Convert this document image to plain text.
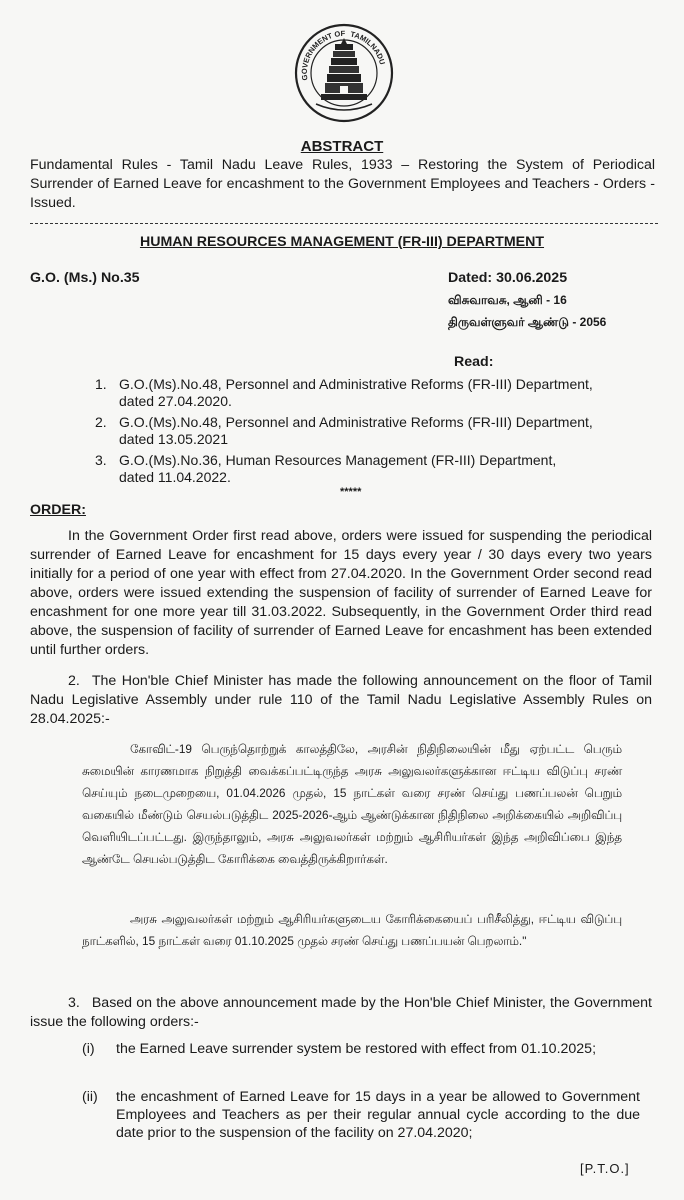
GOVERNMENT OF TAMILNADU
ABSTRACT
Fundamental Rules - Tamil Nadu Leave Rules, 1933 – Restoring the System of Periodical Surrender of Earned Leave for encashment to the Government Employees and Teachers - Orders - Issued.
HUMAN RESOURCES MANAGEMENT (FR-III) DEPARTMENT
G.O. (Ms.) No.35	Dated: 30.06.2025
விசுவாவசு, ஆனி - 16
திருவள்ளுவர் ஆண்டு - 2056
Read:
1. G.O.(Ms).No.48, Personnel and Administrative Reforms (FR-III) Department, dated 27.04.2020.
2. G.O.(Ms).No.48, Personnel and Administrative Reforms (FR-III) Department, dated 13.05.2021
3. G.O.(Ms).No.36, Human Resources Management (FR-III) Department, dated 11.04.2022.
*****
ORDER:
In the Government Order first read above, orders were issued for suspending the periodical surrender of Earned Leave for encashment for 15 days every year / 30 days every two years initially for a period of one year with effect from 27.04.2020. In the Government Order second read above, orders were issued extending the suspension of facility of surrender of Earned Leave for encashment for one more year till 31.03.2022. Subsequently, in the Government Order third read above, the suspension of facility of surrender of Earned Leave for encashment has been extended until further orders.
2. The Hon'ble Chief Minister has made the following announcement on the floor of Tamil Nadu Legislative Assembly under rule 110 of the Tamil Nadu Legislative Assembly Rules on 28.04.2025:-
கோவிட்-19 பெருந்தொற்றுக் காலத்திலே, அரசின் நிதிநிலையின் மீது ஏற்பட்ட பெரும் சுமையின் காரணமாக நிறுத்தி வைக்கப்பட்டிருந்த அரசு அலுவலர்களுக்கான ஈட்டிய விடுப்பு சரண் செய்யும் நடைமுறையை, 01.04.2026 முதல், 15 நாட்கள் வரை சரண் செய்து பணப்பலன் பெறும் வகையில் மீண்டும் செயல்படுத்திட 2025-2026-ஆம் ஆண்டுக்கான நிதிநிலை அறிக்கையில் அறிவிப்பு வெளியிடப்பட்டது. இருந்தாலும், அரசு அலுவலர்கள் மற்றும் ஆசிரியர்கள் இந்த அறிவிப்பை இந்த ஆண்டே செயல்படுத்திட கோரிக்கை வைத்திருக்கிறார்கள்.
அரசு அலுவலர்கள் மற்றும் ஆசிரியர்களுடைய கோரிக்கையைப் பரிசீலித்து, ஈட்டிய விடுப்பு நாட்களில், 15 நாட்கள் வரை 01.10.2025 முதல் சரண் செய்து பணப்பயன் பெறலாம்."
3. Based on the above announcement made by the Hon'ble Chief Minister, the Government issue the following orders:-
(i) the Earned Leave surrender system be restored with effect from 01.10.2025;
(ii) the encashment of Earned Leave for 15 days in a year be allowed to Government Employees and Teachers as per their regular annual cycle according to the due date prior to the suspension of the facility on 27.04.2020;
[P.T.O.]
